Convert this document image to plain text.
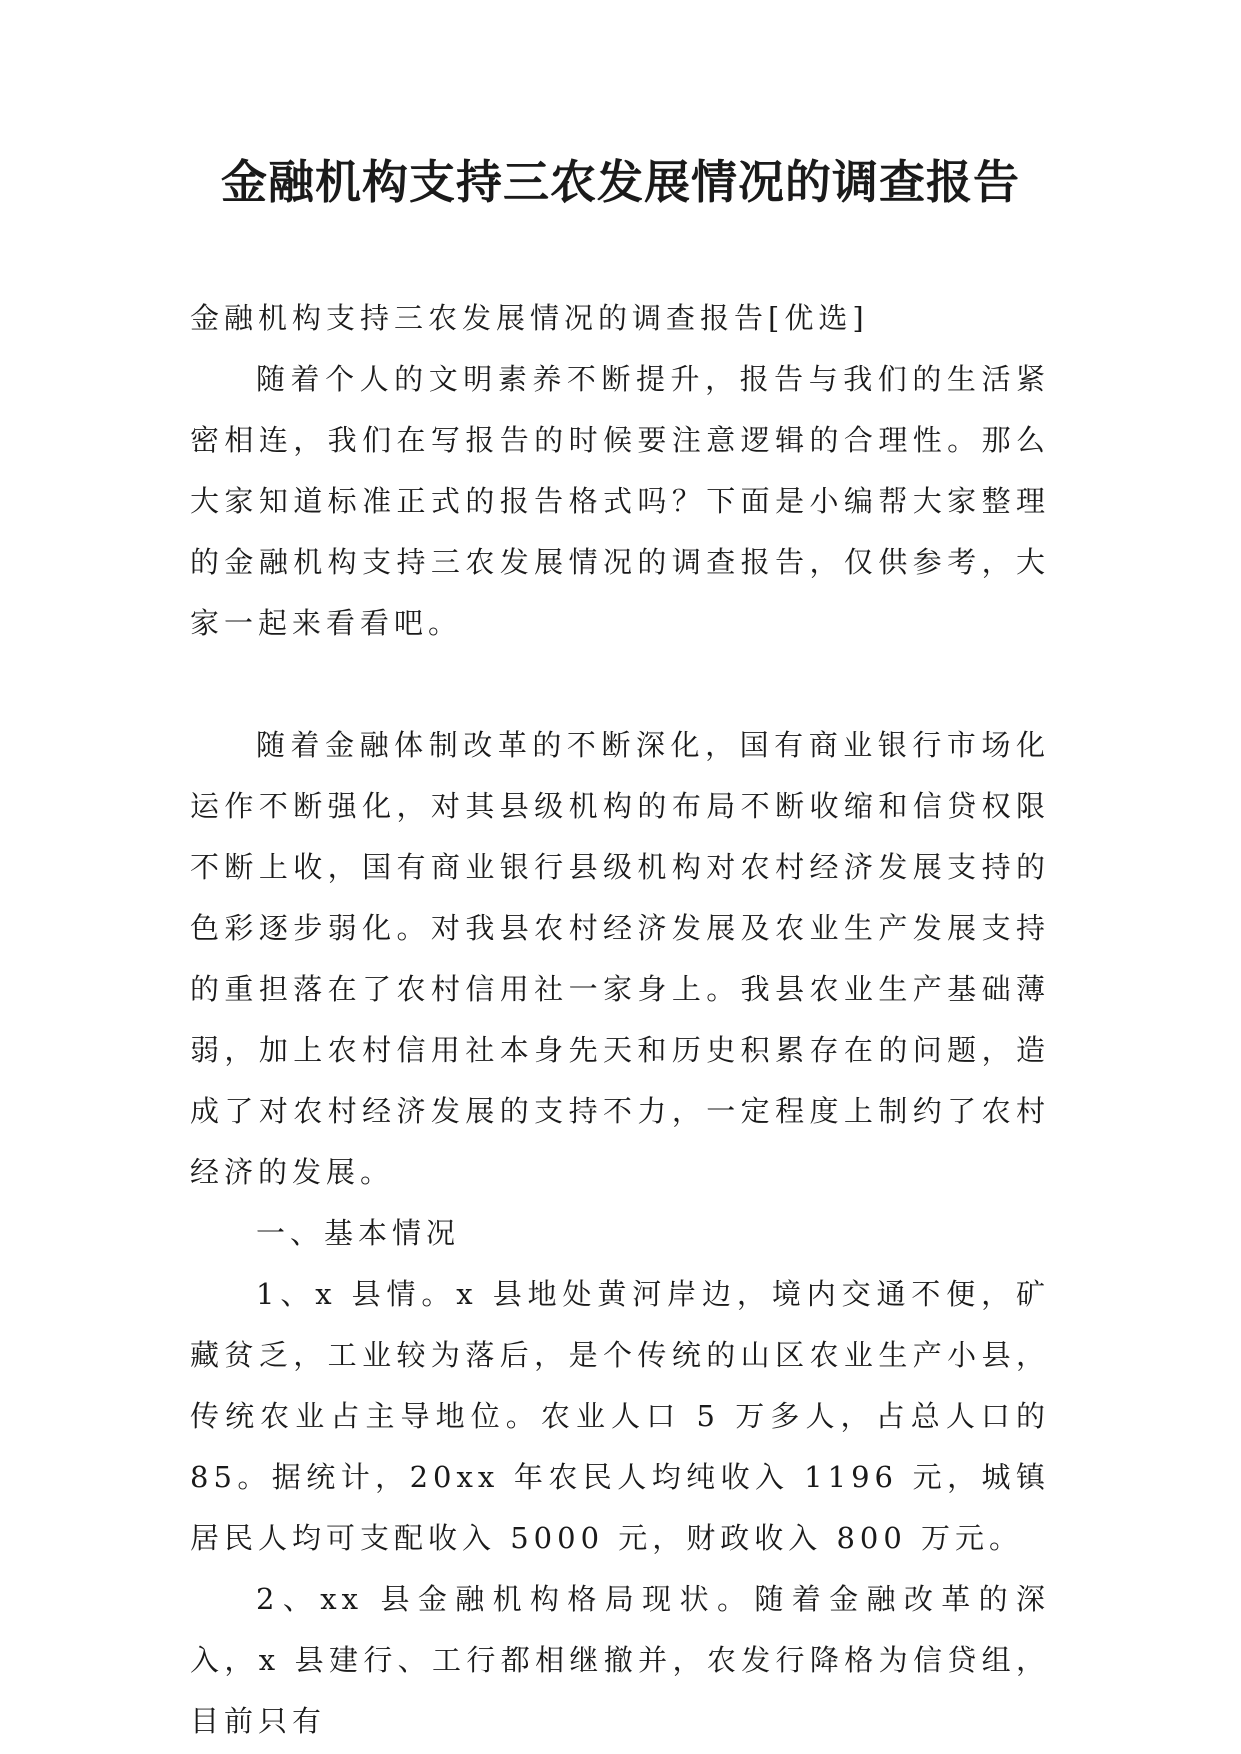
金融机构支持三农发展情况的调查报告

金融机构支持三农发展情况的调查报告[优选]

随着个人的文明素养不断提升，报告与我们的生活紧密相连，我们在写报告的时候要注意逻辑的合理性。那么大家知道标准正式的报告格式吗？下面是小编帮大家整理的金融机构支持三农发展情况的调查报告，仅供参考，大家一起来看看吧。

随着金融体制改革的不断深化，国有商业银行市场化运作不断强化，对其县级机构的布局不断收缩和信贷权限不断上收，国有商业银行县级机构对农村经济发展支持的色彩逐步弱化。对我县农村经济发展及农业生产发展支持的重担落在了农村信用社一家身上。我县农业生产基础薄弱，加上农村信用社本身先天和历史积累存在的问题，造成了对农村经济发展的支持不力，一定程度上制约了农村经济的发展。

一、基本情况

1、x 县情。x 县地处黄河岸边，境内交通不便，矿藏贫乏，工业较为落后，是个传统的山区农业生产小县，传统农业占主导地位。农业人口 5 万多人，占总人口的 85。据统计，20xx 年农民人均纯收入 1196 元，城镇居民人均可支配收入 5000 元，财政收入 800 万元。

2、xx 县金融机构格局现状。随着金融改革的深入，x 县建行、工行都相继撤并，农发行降格为信贷组，目前只有
